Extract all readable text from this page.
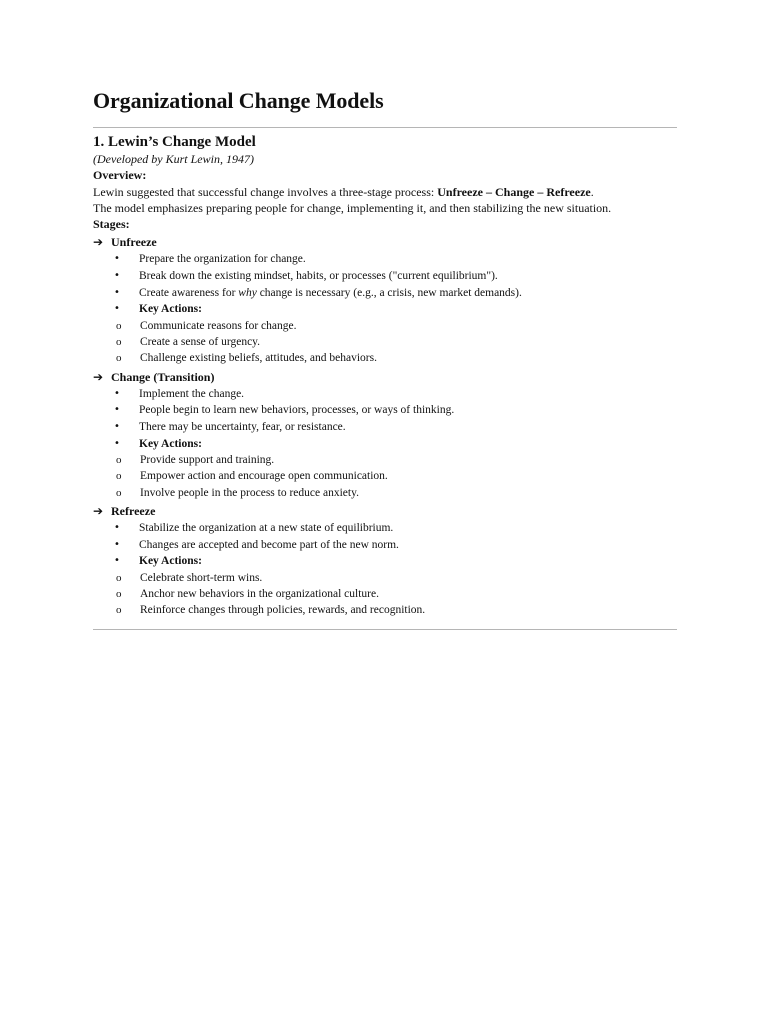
Organizational Change Models
1. Lewin’s Change Model

(Developed by Kurt Lewin, 1947)

Overview:

Lewin suggested that successful change involves a three-stage process: Unfreeze – Change – Refreeze.

The model emphasizes preparing people for change, implementing it, and then stabilizing the new situation.

Stages:

➔ Unfreeze
• Prepare the organization for change.
• Break down the existing mindset, habits, or processes ("current equilibrium").
• Create awareness for why change is necessary (e.g., a crisis, new market demands).
• Key Actions:
o Communicate reasons for change.
o Create a sense of urgency.
o Challenge existing beliefs, attitudes, and behaviors.
➔ Change (Transition)
• Implement the change.
• People begin to learn new behaviors, processes, or ways of thinking.
• There may be uncertainty, fear, or resistance.
• Key Actions:
o Provide support and training.
o Empower action and encourage open communication.
o Involve people in the process to reduce anxiety.
➔ Refreeze
• Stabilize the organization at a new state of equilibrium.
• Changes are accepted and become part of the new norm.
• Key Actions:
o Celebrate short-term wins.
o Anchor new behaviors in the organizational culture.
o Reinforce changes through policies, rewards, and recognition.
